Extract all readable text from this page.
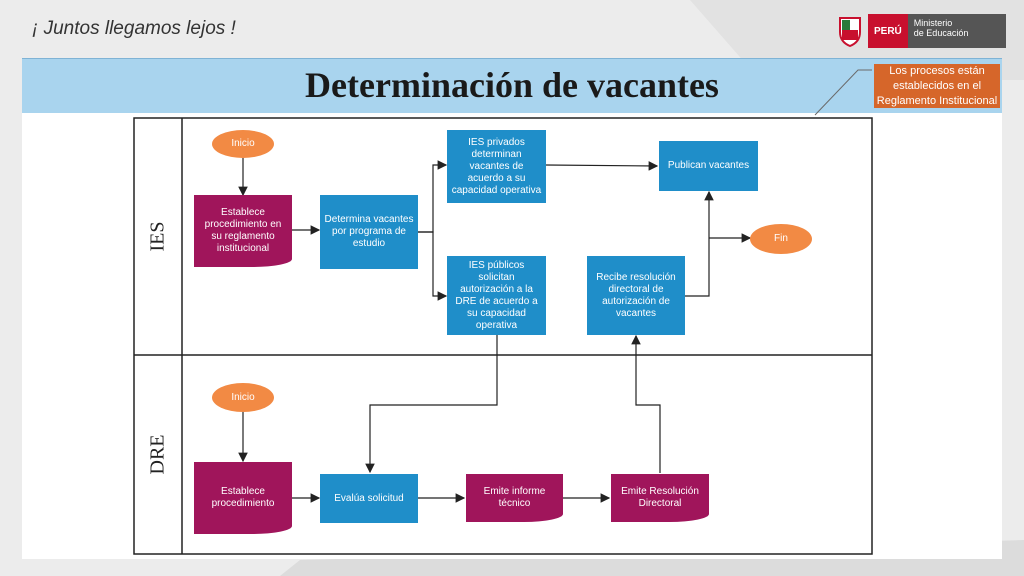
¡ Juntos llegamos lejos !	PERÚ
Ministerio
de Educación
Determinación de vacantes	Los procesos están establecidos en el Reglamento Institucional
IES
DRE
Inicio
Establece procedimiento en su reglamento institucional
Determina vacantes por programa de estudio
IES privados determinan vacantes de acuerdo a su capacidad operativa
IES públicos solicitan autorización a la DRE de acuerdo a su capacidad operativa
Publican vacantes
Recibe resolución directoral de autorización de vacantes
Fin
Inicio
Establece procedimiento	Evalúa solicitud
Emite informe técnico
Emite Resolución Directoral
